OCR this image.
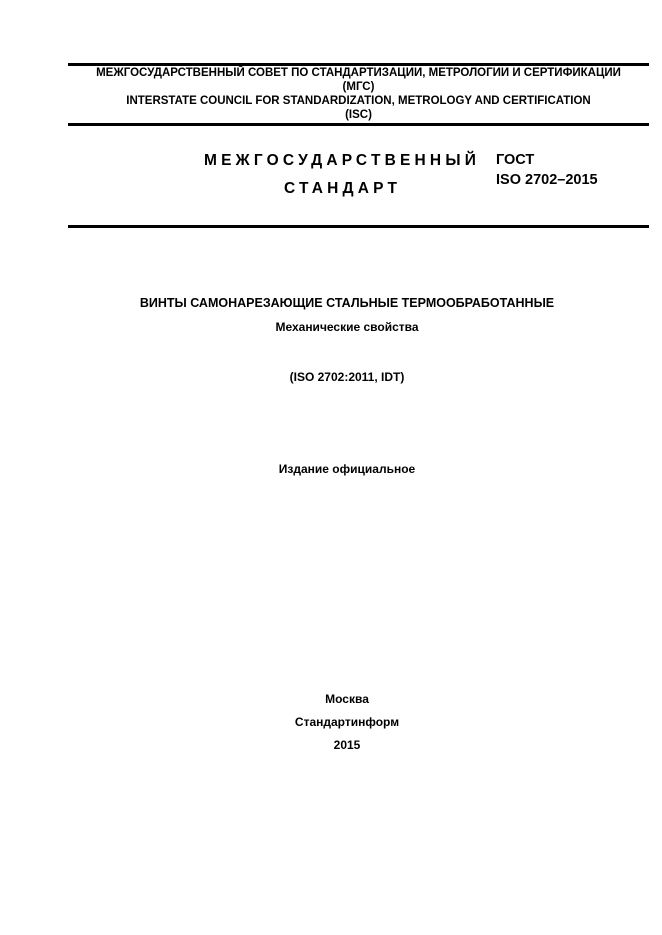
МЕЖГОСУДАРСТВЕННЫЙ СОВЕТ ПО СТАНДАРТИЗАЦИИ, МЕТРОЛОГИИ И СЕРТИФИКАЦИИ
(МГС)
INTERSTATE COUNCIL FOR STANDARDIZATION, METROLOGY AND CERTIFICATION
(ISC)
МЕЖГОСУДАРСТВЕННЫЙ
СТАНДАРТ
ГОСТ
ISO 2702–2015
ВИНТЫ САМОНАРЕЗАЮЩИЕ СТАЛЬНЫЕ ТЕРМООБРАБОТАННЫЕ
Механические свойства
(ISO 2702:2011, IDT)
Издание официальное
Москва
Стандартинформ
2015
